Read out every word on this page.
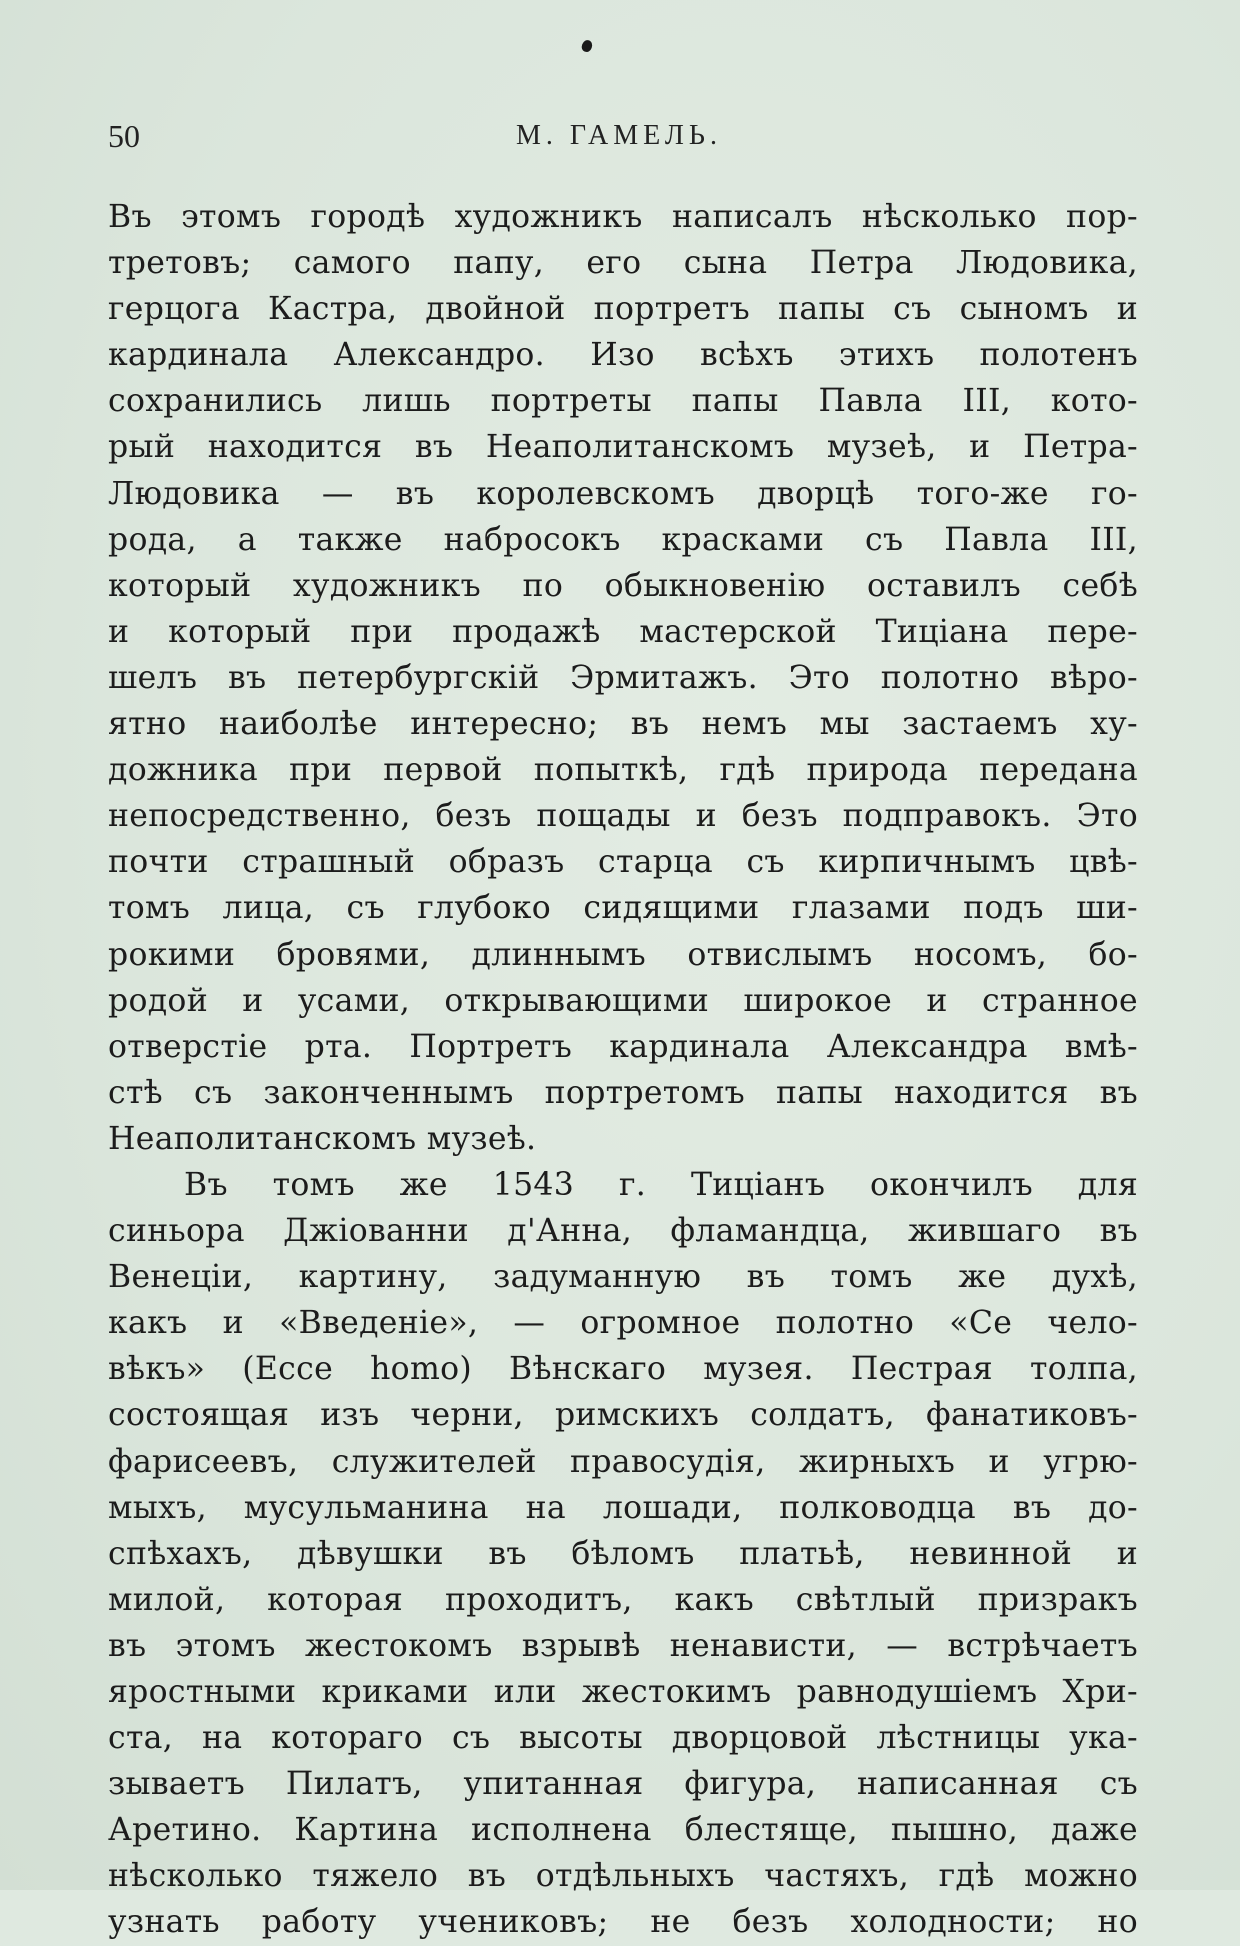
50	М. ГАМЕЛЬ.
Въ этомъ городѣ художникъ написалъ нѣсколько пор-
третовъ; самого папу, его сына Петра Людовика,
герцога Кастра, двойной портретъ папы съ сыномъ и
кардинала Александро. Изо всѣхъ этихъ полотенъ
сохранились лишь портреты папы Павла III, кото-
рый находится въ Неаполитанскомъ музеѣ, и Петра-
Людовика — въ королевскомъ дворцѣ того-же го-
рода, а также набросокъ красками съ Павла III,
который художникъ по обыкновенію оставилъ себѣ
и который при продажѣ мастерской Тиціана пере-
шелъ въ петербургскій Эрмитажъ. Это полотно вѣро-
ятно наиболѣе интересно; въ немъ мы застаемъ ху-
дожника при первой попыткѣ, гдѣ природа передана
непосредственно, безъ пощады и безъ подправокъ. Это
почти страшный образъ старца съ кирпичнымъ цвѣ-
томъ лица, съ глубоко сидящими глазами подъ ши-
рокими бровями, длиннымъ отвислымъ носомъ, бо-
родой и усами, открывающими широкое и странное
отверстіе рта. Портретъ кардинала Александра вмѣ-
стѣ съ законченнымъ портретомъ папы находится въ
Неаполитанскомъ музеѣ.
Въ томъ же 1543 г. Тиціанъ окончилъ для
синьора Джіованни д'Анна, фламандца, жившаго въ
Венеціи, картину, задуманную въ томъ же духѣ,
какъ и «Введеніе», — огромное полотно «Се чело-
вѣкъ» (Ecce homo) Вѣнскаго музея. Пестрая толпа,
состоящая изъ черни, римскихъ солдатъ, фанатиковъ-
фарисеевъ, служителей правосудія, жирныхъ и угрю-
мыхъ, мусульманина на лошади, полководца въ до-
спѣхахъ, дѣвушки въ бѣломъ платьѣ, невинной и
милой, которая проходитъ, какъ свѣтлый призракъ
въ этомъ жестокомъ взрывѣ ненависти, — встрѣчаетъ
яростными криками или жестокимъ равнодушіемъ Хри-
ста, на котораго съ высоты дворцовой лѣстницы ука-
зываетъ Пилатъ, упитанная фигура, написанная съ
Аретино. Картина исполнена блестяще, пышно, даже
нѣсколько тяжело въ отдѣльныхъ частяхъ, гдѣ можно
узнать работу учениковъ; не безъ холодности; но
